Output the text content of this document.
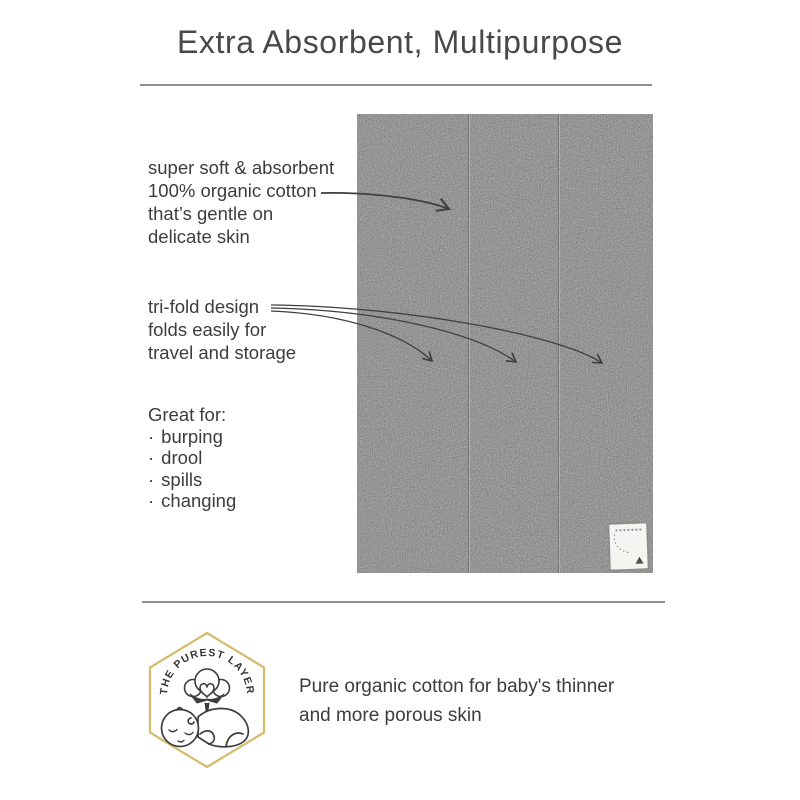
Extra Absorbent, Multipurpose
super soft & absorbent
100% organic cotton
that’s gentle on
delicate skin
tri-fold design
folds easily for
travel and storage
Great for:
· burping
· drool
· spills
· changing
THE PUREST LAYER Pure organic cotton for baby's thinner
and more porous skin
